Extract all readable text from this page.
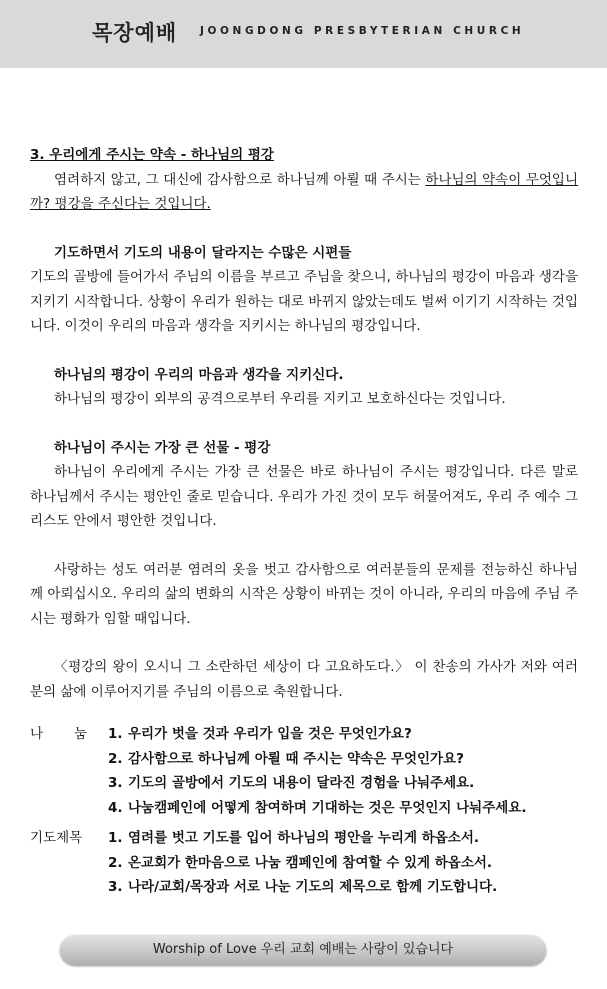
목장예배 JOONGDONG PRESBYTERIAN CHURCH

3. 우리에게 주시는 약속 - 하나님의 평강

염려하지 않고, 그 대신에 감사함으로 하나님께 아뢸 때 주시는 하나님의 약속이 무엇입니까? 평강을 주신다는 것입니다.

기도하면서 기도의 내용이 달라지는 수많은 시편들

기도의 골방에 들어가서 주님의 이름을 부르고 주님을 찾으니, 하나님의 평강이 마음과 생각을 지키기 시작합니다. 상황이 우리가 원하는 대로 바뀌지 않았는데도 벌써 이기기 시작하는 것입니다. 이것이 우리의 마음과 생각을 지키시는 하나님의 평강입니다.

하나님의 평강이 우리의 마음과 생각을 지키신다.

하나님의 평강이 외부의 공격으로부터 우리를 지키고 보호하신다는 것입니다.

하나님이 주시는 가장 큰 선물 - 평강

하나님이 우리에게 주시는 가장 큰 선물은 바로 하나님이 주시는 평강입니다. 다른 말로 하나님께서 주시는 평안인 줄로 믿습니다. 우리가 가진 것이 모두 허물어져도, 우리 주 예수 그리스도 안에서 평안한 것입니다.

사랑하는 성도 여러분 염려의 옷을 벗고 감사함으로 여러분들의 문제를 전능하신 하나님께 아뢰십시오. 우리의 삶의 변화의 시작은 상황이 바뀌는 것이 아니라, 우리의 마음에 주님 주시는 평화가 임할 때입니다.

〈평강의 왕이 오시니 그 소란하던 세상이 다 고요하도다.〉 이 찬송의 가사가 저와 여러분의 삶에 이루어지기를 주님의 이름으로 축원합니다.

나 눔	1. 우리가 벗을 것과 우리가 입을 것은 무엇인가요?
2. 감사함으로 하나님께 아뢸 때 주시는 약속은 무엇인가요?
3. 기도의 골방에서 기도의 내용이 달라진 경험을 나눠주세요.
4. 나눔캠페인에 어떻게 참여하며 기대하는 것은 무엇인지 나눠주세요.
기도제목	1. 염려를 벗고 기도를 입어 하나님의 평안을 누리게 하옵소서.
2. 온교회가 한마음으로 나눔 캠페인에 참여할 수 있게 하옵소서.
3. 나라/교회/목장과 서로 나눈 기도의 제목으로 함께 기도합니다.
Worship of Love 우리 교회 예배는 사랑이 있습니다
